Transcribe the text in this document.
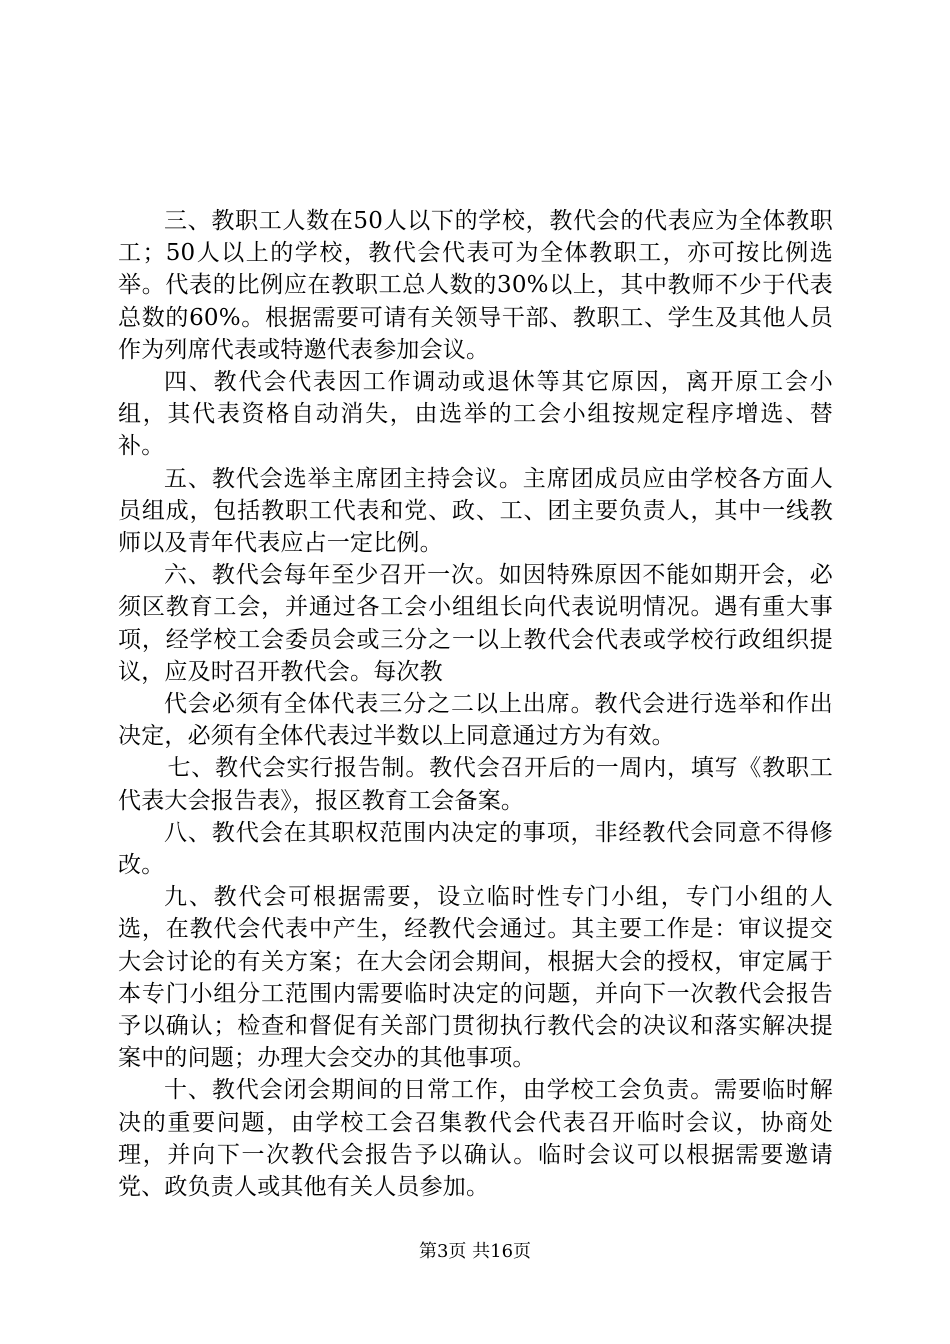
三、教职工人数在50人以下的学校，教代会的代表应为全体教职工；50人以上的学校，教代会代表可为全体教职工，亦可按比例选举。代表的比例应在教职工总人数的30%以上，其中教师不少于代表总数的60%。根据需要可请有关领导干部、教职工、学生及其他人员作为列席代表或特邀代表参加会议。

四、教代会代表因工作调动或退休等其它原因，离开原工会小组，其代表资格自动消失，由选举的工会小组按规定程序增选、替补。

五、教代会选举主席团主持会议。主席团成员应由学校各方面人员组成，包括教职工代表和党、政、工、团主要负责人，其中一线教师以及青年代表应占一定比例。

六、教代会每年至少召开一次。如因特殊原因不能如期开会，必须区教育工会，并通过各工会小组组长向代表说明情况。遇有重大事项，经学校工会委员会或三分之一以上教代会代表或学校行政组织提议，应及时召开教代会。每次教

代会必须有全体代表三分之二以上出席。教代会进行选举和作出决定，必须有全体代表过半数以上同意通过方为有效。

七、教代会实行报告制。教代会召开后的一周内，填写《教职工代表大会报告表》，报区教育工会备案。

八、教代会在其职权范围内决定的事项，非经教代会同意不得修改。

九、教代会可根据需要，设立临时性专门小组，专门小组的人选，在教代会代表中产生，经教代会通过。其主要工作是：审议提交大会讨论的有关方案；在大会闭会期间，根据大会的授权，审定属于本专门小组分工范围内需要临时决定的问题，并向下一次教代会报告予以确认；检查和督促有关部门贯彻执行教代会的决议和落实解决提案中的问题；办理大会交办的其他事项。

十、教代会闭会期间的日常工作，由学校工会负责。需要临时解决的重要问题，由学校工会召集教代会代表召开临时会议，协商处理，并向下一次教代会报告予以确认。临时会议可以根据需要邀请党、政负责人或其他有关人员参加。

第3页 共16页
